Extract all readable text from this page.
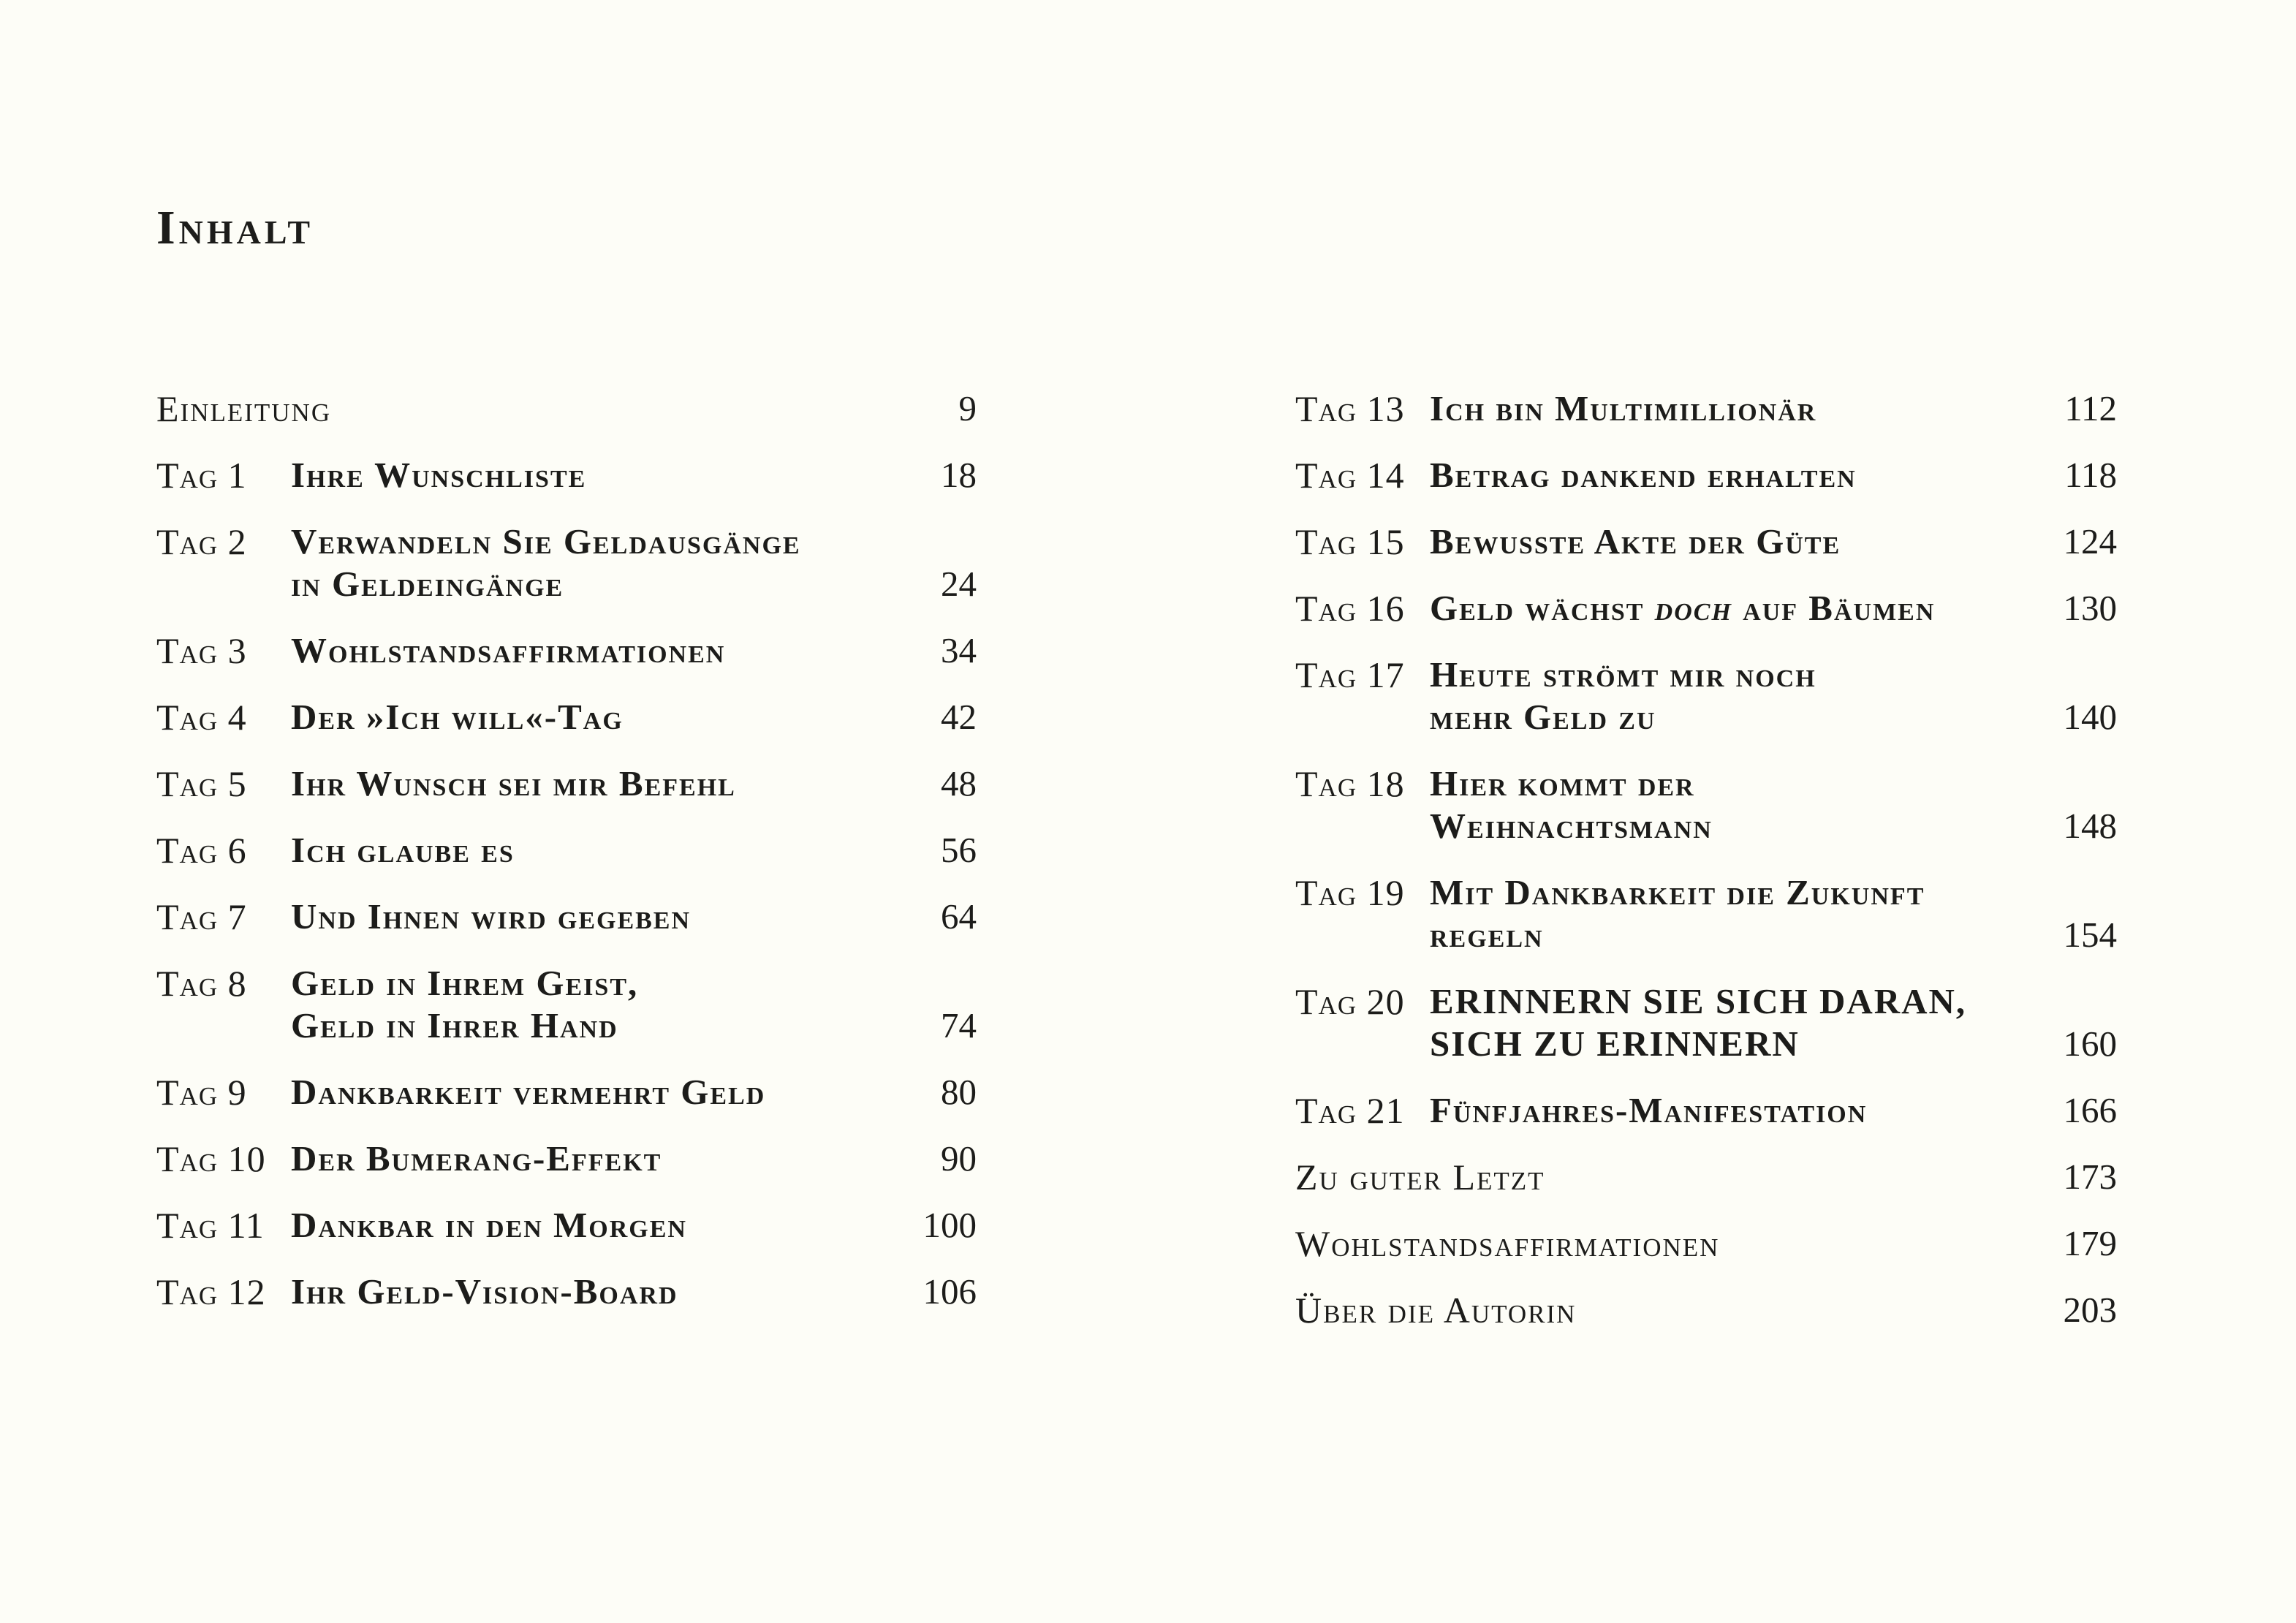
Inhalt
Einleitung	9
Tag 1	Ihre Wunschliste	18
Tag 2	Verwandeln Sie Geldausgänge
in Geldeingänge	24
Tag 3	Wohlstandsaffirmationen	34
Tag 4	Der »Ich will«-Tag	42
Tag 5	Ihr Wunsch sei mir Befehl	48
Tag 6	Ich glaube es	56
Tag 7	Und Ihnen wird gegeben	64
Tag 8	Geld in Ihrem Geist,
Geld in Ihrer Hand	74
Tag 9	Dankbarkeit vermehrt Geld	80
Tag 10 Der Bumerang-Effekt	90
Tag 11 Dankbar in den Morgen	100
Tag 12 Ihr Geld-Vision-Board	106
Tag 13 Ich bin Multimillionär	112
Tag 14 Betrag dankend erhalten	118
Tag 15 Bewusste Akte der Güte	124
Tag 16 Geld wächst doch auf Bäumen	130
Tag 17 Heute strömt mir noch
mehr Geld zu	140
Tag 18 Hier kommt der
Weihnachtsmann	148
Tag 19 Mit Dankbarkeit die Zukunft
regeln	154
Tag 20 ERINNERN SIE SICH DARAN,
SICH ZU ERINNERN	160
Tag 21 Fünfjahres-Manifestation	166
Zu guter Letzt	173
Wohlstandsaffirmationen	179
Über die Autorin	203
